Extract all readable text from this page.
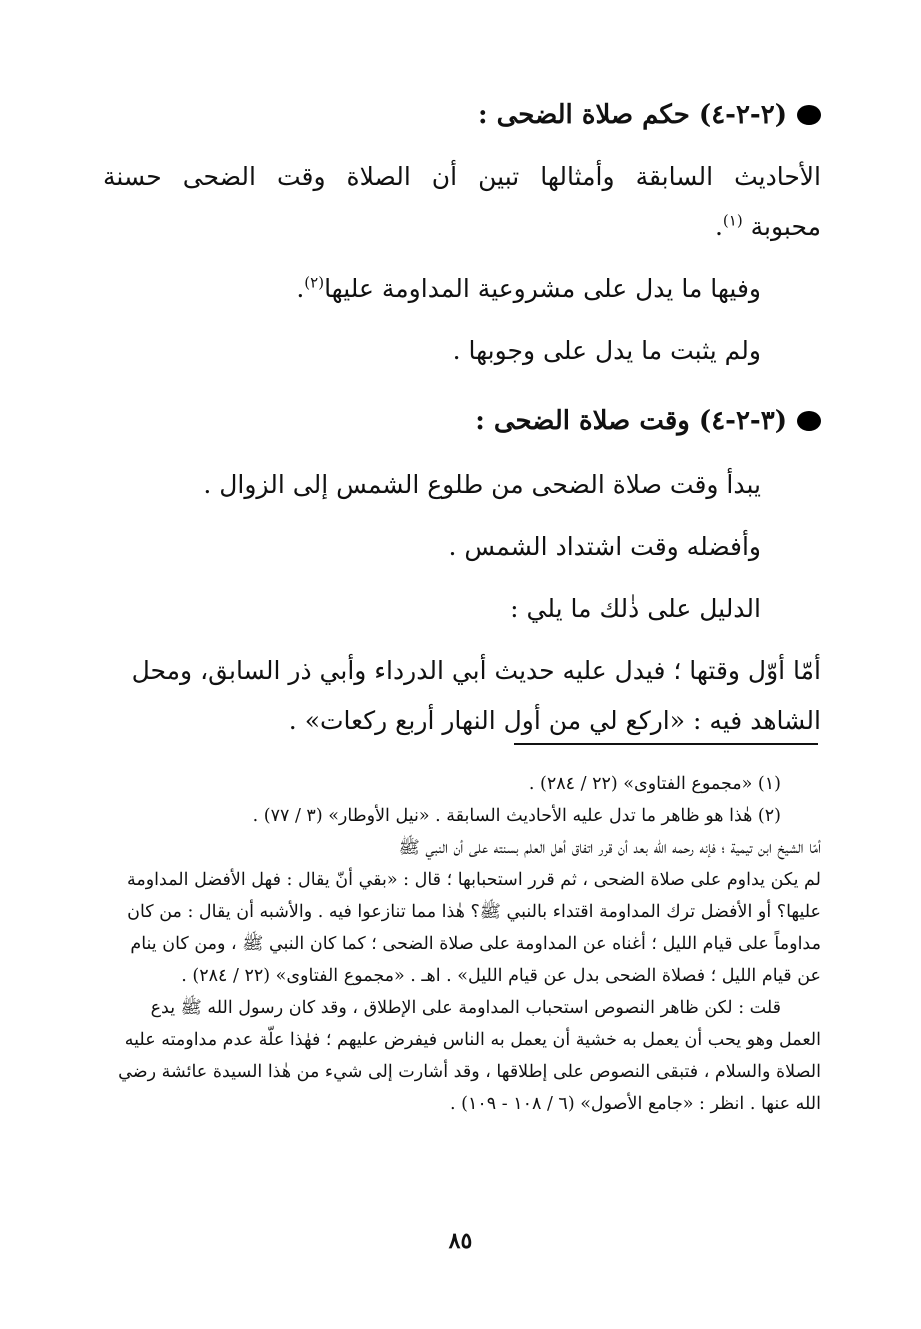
(٢-٢-٤) حكم صلاة الضحى :

الأحاديث السابقة وأمثالها تبين أن الصلاة وقت الضحى حسنة

محبوبة $^{(١)}$.

وفيها ما يدل على مشروعية المداومة عليها$^{(٢)}$.

ولم يثبت ما يدل على وجوبها .

(٣-٢-٤) وقت صلاة الضحى :

يبدأ وقت صلاة الضحى من طلوع الشمس إلى الزوال .

وأفضله وقت اشتداد الشمس .

الدليل على ذٰلك ما يلي :

أمّا أوّل وقتها ؛ فيدل عليه حديث أبي الدرداء وأبي ذر السابق، ومحل

الشاهد فيه : «اركع لي من أول النهار أربع ركعات» .

(١) «مجموع الفتاوى» (٢٢ / ٢٨٤) .

(٢) هٰذا هو ظاهر ما تدل عليه الأحاديث السابقة . «نيل الأوطار» (٣ / ٧٧) .

أمّا الشيخ ابن تيمية ؛ فإنه رحمه الله بعد أن قرر اتفاق أهل العلم بسنته على أن النبي ﷺ

لم يكن يداوم على صلاة الضحى ، ثم قرر استحبابها ؛ قال : «بقي أنّ يقال : فهل الأفضل المداومة

عليها؟ أو الأفضل ترك المداومة اقتداء بالنبي ﷺ؟ هٰذا مما تنازعوا فيه . والأشبه أن يقال : من كان

مداوماً على قيام الليل ؛ أغناه عن المداومة على صلاة الضحى ؛ كما كان النبي ﷺ ، ومن كان ينام

عن قيام الليل ؛ فصلاة الضحى بدل عن قيام الليل» . اهـ . «مجموع الفتاوى» (٢٢ / ٢٨٤) .

قلت : لكن ظاهر النصوص استحباب المداومة على الإطلاق ، وقد كان رسول الله ﷺ يدع

العمل وهو يحب أن يعمل به خشية أن يعمل به الناس فيفرض عليهم ؛ فهٰذا علّة عدم مداومته عليه

الصلاة والسلام ، فتبقى النصوص على إطلاقها ، وقد أشارت إلى شيء من هٰذا السيدة عائشة رضي

الله عنها . انظر : «جامع الأصول» (٦ / ١٠٨ - ١٠٩) .

٨٥
